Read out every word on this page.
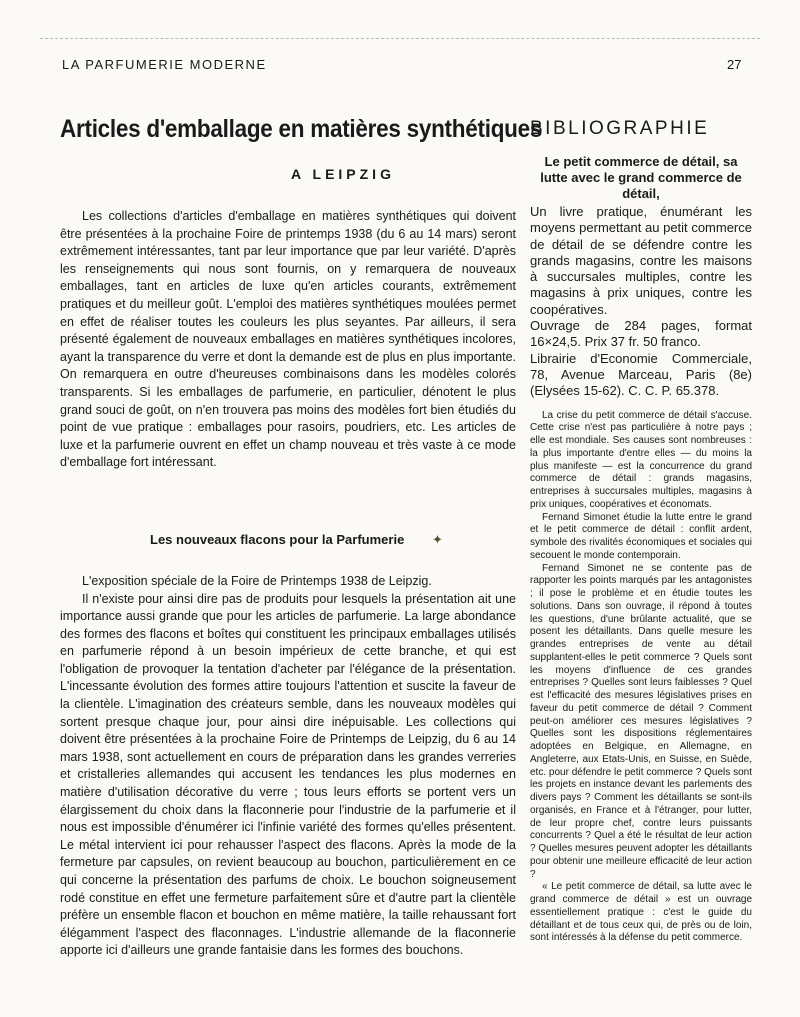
LA PARFUMERIE MODERNE	27
Articles d'emballage en matières synthétiques
A LEIPZIG

Les collections d'articles d'emballage en matières synthétiques qui doivent être présentées à la prochaine Foire de printemps 1938 (du 6 au 14 mars) seront extrêmement intéressantes, tant par leur importance que par leur variété. D'après les renseignements qui nous sont fournis, on y remarquera de nouveaux emballages, tant en articles de luxe qu'en articles courants, extrêmement pratiques et du meilleur goût. L'emploi des matières synthétiques moulées permet en effet de réaliser toutes les couleurs les plus seyantes. Par ailleurs, il sera présenté également de nouveaux emballages en matières synthétiques incolores, ayant la transparence du verre et dont la demande est de plus en plus importante. On remarquera en outre d'heureuses combinaisons dans les modèles colorés transparents. Si les emballages de parfumerie, en particulier, dénotent le plus grand souci de goût, on n'en trouvera pas moins des modèles fort bien étudiés du point de vue pratique : emballages pour rasoirs, poudriers, etc. Les articles de luxe et la parfumerie ouvrent en effet un champ nouveau et très vaste à ce mode d'emballage fort intéressant.

Les nouveaux flacons pour la Parfumerie

L'exposition spéciale de la Foire de Printemps 1938 de Leipzig.

Il n'existe pour ainsi dire pas de produits pour lesquels la présentation ait une importance aussi grande que pour les articles de parfumerie. La large abondance des formes des flacons et boîtes qui constituent les principaux emballages utilisés en parfumerie répond à un besoin impérieux de cette branche, et qui est l'obligation de provoquer la tentation d'acheter par l'élégance de la présentation. L'incessante évolution des formes attire toujours l'attention et suscite la faveur de la clientèle. L'imagination des créateurs semble, dans les nouveaux modèles qui sortent presque chaque jour, pour ainsi dire inépuisable. Les collections qui doivent être présentées à la prochaine Foire de Printemps de Leipzig, du 6 au 14 mars 1938, sont actuellement en cours de préparation dans les grandes verreries et cristalleries allemandes qui accusent les tendances les plus modernes en matière d'utilisation décorative du verre ; tous leurs efforts se portent vers un élargissement du choix dans la flaconnerie pour l'industrie de la parfumerie et il nous est impossible d'énumérer ici l'infinie variété des formes qu'elles présentent. Le métal intervient ici pour rehausser l'aspect des flacons. Après la mode de la fermeture par capsules, on revient beaucoup au bouchon, particulièrement en ce qui concerne la présentation des parfums de choix. Le bouchon soigneusement rodé constitue en effet une fermeture parfaitement sûre et d'autre part la clientèle préfère un ensemble flacon et bouchon en même matière, la taille rehaussant fort élégamment l'aspect des flaconnages. L'industrie allemande de la flaconnerie apporte ici d'ailleurs une grande fantaisie dans les formes des bouchons.

✦
BIBLIOGRAPHIE
Le petit commerce de détail, sa lutte avec le grand commerce de détail,
Un livre pratique, énumérant les moyens permettant au petit commerce de détail de se défendre contre les grands magasins, contre les maisons à succursales multiples, contre les magasins à prix uniques, contre les coopératives.
Ouvrage de 284 pages, format 16×24,5. Prix 37 fr. 50 franco.
Librairie d'Economie Commerciale, 78, Avenue Marceau, Paris (8e) (Elysées 15-62). C. C. P. 65.378.

La crise du petit commerce de détail s'accuse. Cette crise n'est pas particulière à notre pays ; elle est mondiale. Ses causes sont nombreuses : la plus importante d'entre elles — du moins la plus manifeste — est la concurrence du grand commerce de détail : grands magasins, entreprises à succursales multiples, magasins à prix uniques, coopératives et économats.

Fernand Simonet étudie la lutte entre le grand et le petit commerce de détail : conflit ardent, symbole des rivalités économiques et sociales qui secouent le monde contemporain.

Fernand Simonet ne se contente pas de rapporter les points marqués par les antagonistes ; il pose le problème et en étudie toutes les solutions. Dans son ouvrage, il répond à toutes les questions, d'une brûlante actualité, que se posent les détaillants. Dans quelle mesure les grandes entreprises de vente au détail supplantent-elles le petit commerce ? Quels sont les moyens d'influence de ces grandes entreprises ? Quelles sont leurs faiblesses ? Quel est l'efficacité des mesures législatives prises en faveur du petit commerce de détail ? Comment peut-on améliorer ces mesures législatives ? Quelles sont les dispositions réglementaires adoptées en Belgique, en Allemagne, en Angleterre, aux Etats-Unis, en Suisse, en Suède, etc. pour défendre le petit commerce ? Quels sont les projets en instance devant les parlements des divers pays ? Comment les détaillants se sont-ils organisés, en France et à l'étranger, pour lutter, de leur propre chef, contre leurs puissants concurrents ? Quel a été le résultat de leur action ? Quelles mesures peuvent adopter les détaillants pour obtenir une meilleure efficacité de leur action ?

« Le petit commerce de détail, sa lutte avec le grand commerce de détail » est un ouvrage essentiellement pratique : c'est le guide du détaillant et de tous ceux qui, de près ou de loin, sont intéressés à la défense du petit commerce.
